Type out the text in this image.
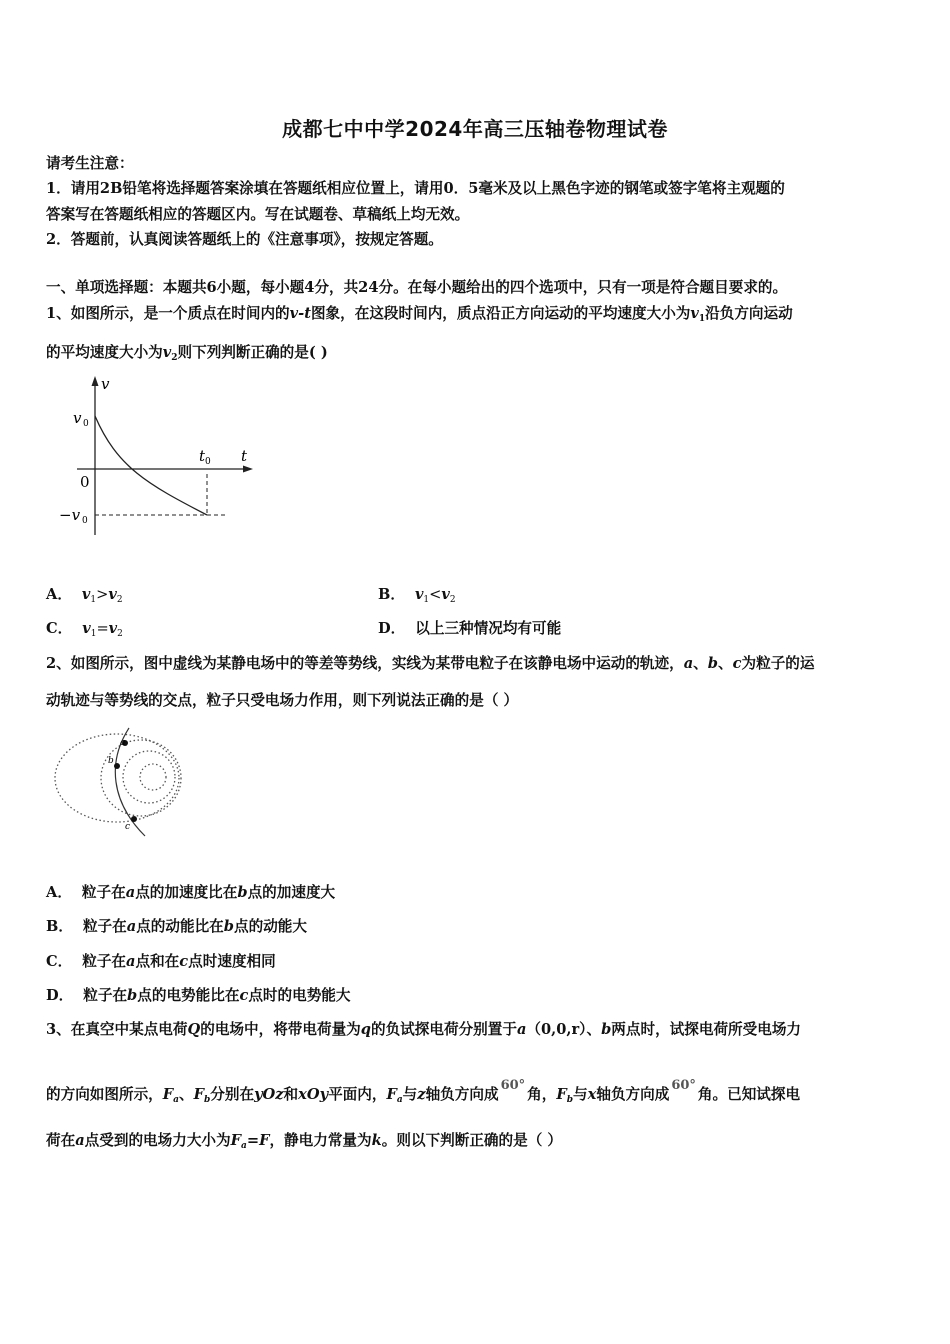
成都七中中学2024年高三压轴卷物理试卷
请考生注意：
1．请用2B铅笔将选择题答案涂填在答题纸相应位置上，请用0．5毫米及以上黑色字迹的钢笔或签字笔将主观题的
答案写在答题纸相应的答题区内。写在试题卷、草稿纸上均无效。
2．答题前，认真阅读答题纸上的《注意事项》，按规定答题。
一、单项选择题：本题共6小题，每小题4分，共24分。在每小题给出的四个选项中，只有一项是符合题目要求的。
1、如图所示，是一个质点在时间内的v-t图象，在这段时间内，质点沿正方向运动的平均速度大小为$v_1$沿负方向运动
的平均速度大小为$v_2$则下列判断正确的是( )
v
t
v 0
0
t 0
−v 0
A． $v_1>v_2$	B． $v_1<v_2$
C． $v_1=v_2$	D． 以上三种情况均有可能
2、如图所示，图中虚线为某静电场中的等差等势线，实线为某带电粒子在该静电场中运动的轨迹，a、b、c为粒子的运
动轨迹与等势线的交点，粒子只受电场力作用，则下列说法正确的是（ ）
a
b
c
A． 粒子在a点的加速度比在b点的加速度大
B． 粒子在a点的动能比在b点的动能大
C． 粒子在a点和在c点时速度相同
D． 粒子在b点的电势能比在c点时的电势能大
3、在真空中某点电荷Q的电场中，将带电荷量为q的负试探电荷分别置于a（0,0,r）、b两点时，试探电荷所受电场力
的方向如图所示，$F_a$、$F_b$分别在yOz和xOy平面内，$F_a$与z轴负方向成60°角，$F_b$与x轴负方向成60°角。已知试探电
荷在a点受到的电场力大小为$F_a=F$，静电力常量为k。则以下判断正确的是（ ）
